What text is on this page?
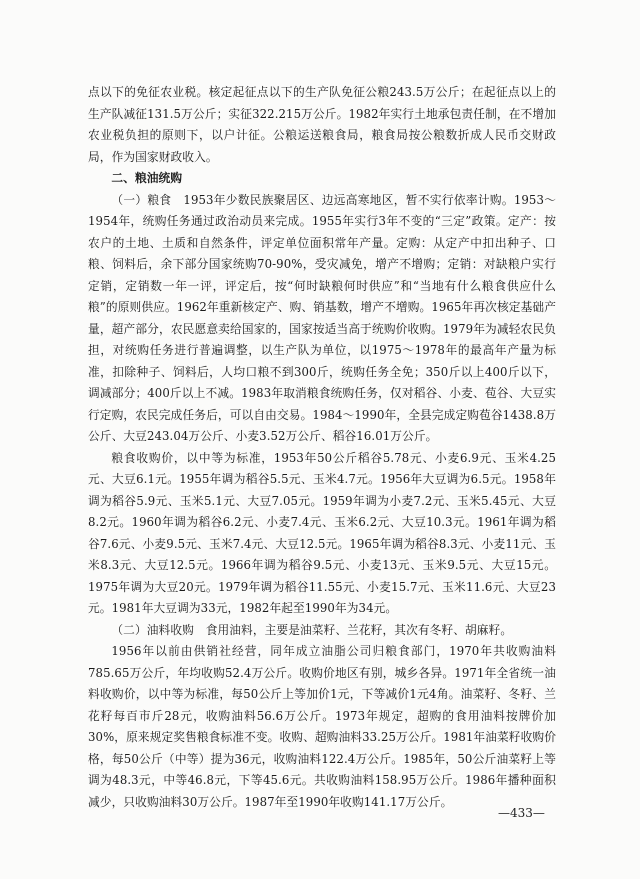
点以下的免征农业税。核定起征点以下的生产队免征公粮243.5万公斤；在起征点以上的生产队减征131.5万公斤；实征322.215万公斤。1982年实行土地承包责任制，在不增加农业税负担的原则下，以户计征。公粮运送粮食局，粮食局按公粮数折成人民币交财政局，作为国家财政收入。

二、粮油统购

（一）粮食　1953年少数民族聚居区、边远高寒地区，暂不实行依率计购。1953～1954年，统购任务通过政治动员来完成。1955年实行3年不变的“三定”政策。定产：按农户的土地、土质和自然条件，评定单位面积常年产量。定购：从定产中扣出种子、口粮、饲料后，余下部分国家统购70-90%，受灾减免，增产不增购；定销：对缺粮户实行定销，定销数一年一评，评定后，按“何时缺粮何时供应”和“当地有什么粮食供应什么粮”的原则供应。1962年重新核定产、购、销基数，增产不增购。1965年再次核定基础产量，超产部分，农民愿意卖给国家的，国家按适当高于统购价收购。1979年为减轻农民负担，对统购任务进行普遍调整，以生产队为单位，以1975～1978年的最高年产量为标准，扣除种子、饲料后，人均口粮不到300斤，统购任务全免；350斤以上400斤以下，调减部分；400斤以上不减。1983年取消粮食统购任务，仅对稻谷、小麦、苞谷、大豆实行定购，农民完成任务后，可以自由交易。1984～1990年，全县完成定购苞谷1438.8万公斤、大豆243.04万公斤、小麦3.52万公斤、稻谷16.01万公斤。

粮食收购价，以中等为标准，1953年50公斤稻谷5.78元、小麦6.9元、玉米4.25元、大豆6.1元。1955年调为稻谷5.5元、玉米4.7元。1956年大豆调为6.5元。1958年调为稻谷5.9元、玉米5.1元、大豆7.05元。1959年调为小麦7.2元、玉米5.45元、大豆8.2元。1960年调为稻谷6.2元、小麦7.4元、玉米6.2元、大豆10.3元。1961年调为稻谷7.6元、小麦9.5元、玉米7.4元、大豆12.5元。1965年调为稻谷8.3元、小麦11元、玉米8.3元、大豆12.5元。1966年调为稻谷9.5元、小麦13元、玉米9.5元、大豆15元。1975年调为大豆20元。1979年调为稻谷11.55元、小麦15.7元、玉米11.6元、大豆23元。1981年大豆调为33元，1982年起至1990年为34元。

（二）油料收购　食用油料，主要是油菜籽、兰花籽，其次有冬籽、胡麻籽。

1956年以前由供销社经营，同年成立油脂公司归粮食部门，1970年共收购油料785.65万公斤，年均收购52.4万公斤。收购价地区有别，城乡各异。1971年全省统一油料收购价，以中等为标准，每50公斤上等加价1元，下等减价1元4角。油菜籽、冬籽、兰花籽每百市斤28元，收购油料56.6万公斤。1973年规定，超购的食用油料按牌价加30%，原来规定奖售粮食标准不变。收购、超购油料33.25万公斤。1981年油菜籽收购价格，每50公斤（中等）提为36元，收购油料122.4万公斤。1985年，50公斤油菜籽上等调为48.3元，中等46.8元，下等45.6元。共收购油料158.95万公斤。1986年播种面积减少，只收购油料30万公斤。1987年至1990年收购141.17万公斤。

—433—
